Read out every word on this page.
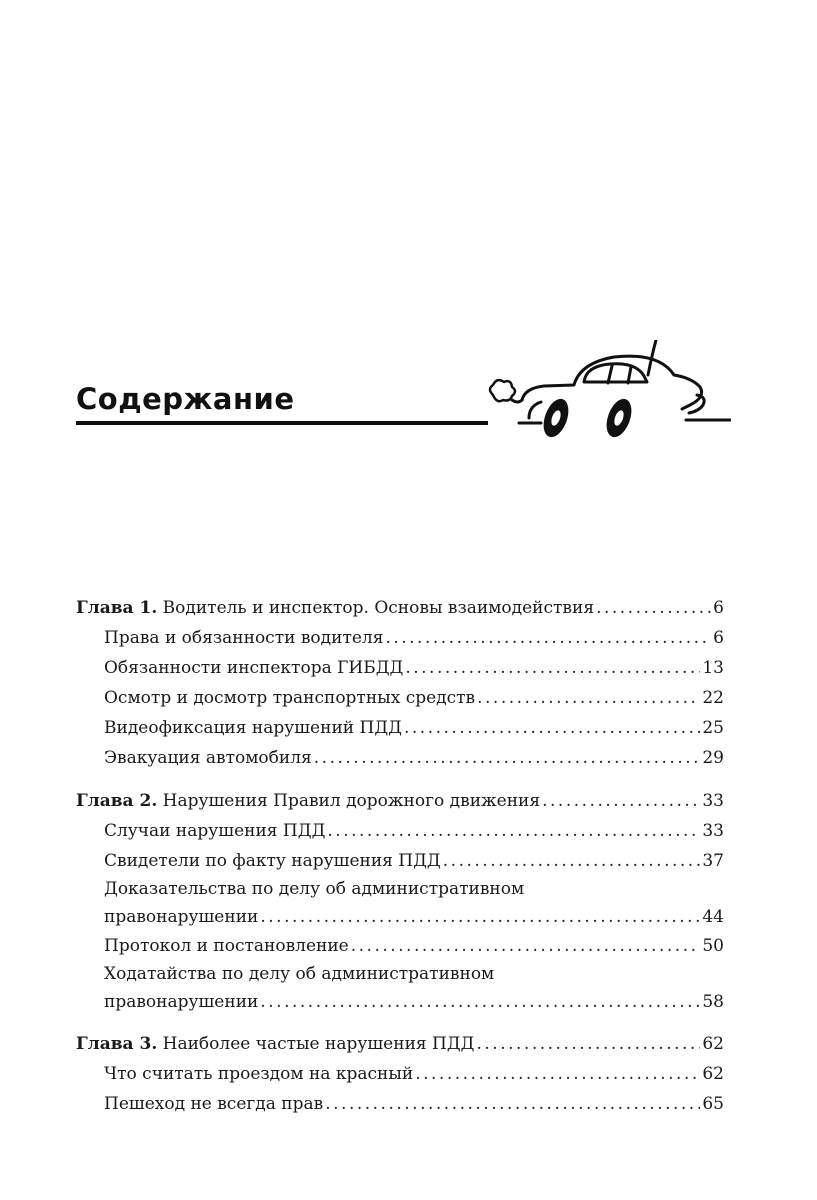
Содержание
Глава 1. Водитель и инспектор. Основы взаимодействия .....	6
Права и обязанности водителя .....	6
Обязанности инспектора ГИБДД .....	13
Осмотр и досмотр транспортных средств .....	22
Видеофиксация нарушений ПДД .....	25
Эвакуация автомобиля .....	29
Глава 2. Нарушения Правил дорожного движения .....	33
Случаи нарушения ПДД .....	33
Свидетели по факту нарушения ПДД .....	37
Доказательства по делу об административном
правонарушении .....	44
Протокол и постановление .....	50
Ходатайства по делу об административном
правонарушении .....	58
Глава 3. Наиболее частые нарушения ПДД .....	62
Что считать проездом на красный .....	62
Пешеход не всегда прав .....	65
